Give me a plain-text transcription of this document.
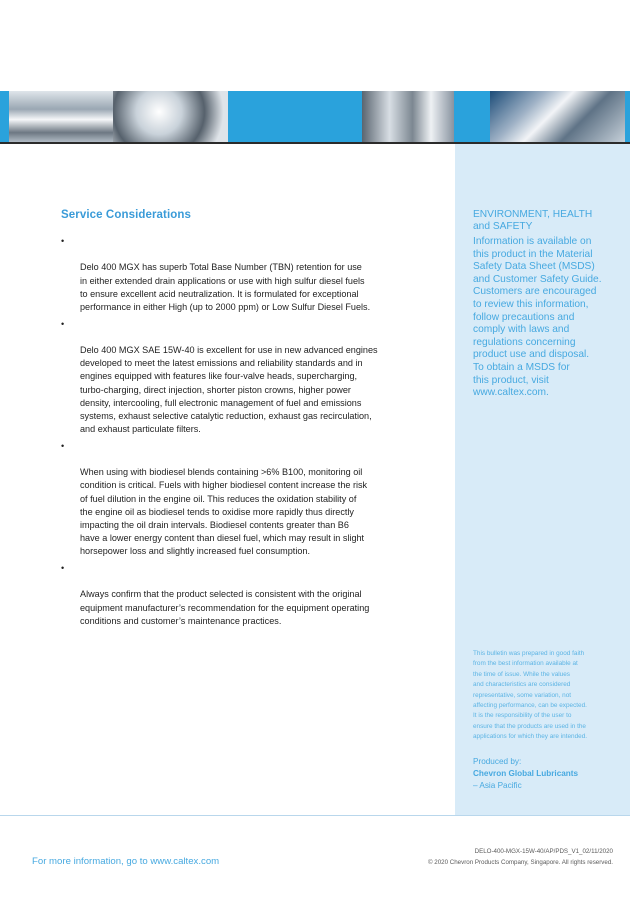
ENVIRONMENT, HEALTH
and SAFETY
Information is available on
this product in the Material
Safety Data Sheet (MSDS)
and Customer Safety Guide.
Customers are encouraged
to review this information,
follow precautions and
comply with laws and
regulations concerning
product use and disposal.
To obtain a MSDS for
this product, visit
www.caltex.com.
This bulletin was prepared in good faith
from the best information available at
the time of issue. While the values
and characteristics are considered
representative, some variation, not
affecting performance, can be expected.
It is the responsibility of the user to
ensure that the products are used in the
applications for which they are intended.
Produced by:
Chevron Global Lubricants
– Asia Pacific
Service Considerations

•

Delo 400 MGX has superb Total Base Number (TBN) retention for use
in either extended drain applications or use with high sulfur diesel fuels
to ensure excellent acid neutralization. It is formulated for exceptional
performance in either High (up to 2000 ppm) or Low Sulfur Diesel Fuels.

•

Delo 400 MGX SAE 15W-40 is excellent for use in new advanced engines
developed to meet the latest emissions and reliability standards and in
engines equipped with features like four-valve heads, supercharging,
turbo-charging, direct injection, shorter piston crowns, higher power
density, intercooling, full electronic management of fuel and emissions
systems, exhaust selective catalytic reduction, exhaust gas recirculation,
and exhaust particulate filters.

•

When using with biodiesel blends containing >6% B100, monitoring oil
condition is critical. Fuels with higher biodiesel content increase the risk
of fuel dilution in the engine oil. This reduces the oxidation stability of
the engine oil as biodiesel tends to oxidise more rapidly thus directly
impacting the oil drain intervals. Biodiesel contents greater than B6
have a lower energy content than diesel fuel, which may result in slight
horsepower loss and slightly increased fuel consumption.

•

Always confirm that the product selected is consistent with the original
equipment manufacturer’s recommendation for the equipment operating
conditions and customer’s maintenance practices.

For more information, go to www.caltex.com
DELO-400-MGX-15W-40/AP/PDS_V1_02/11/2020
© 2020 Chevron Products Company, Singapore. All rights reserved.
